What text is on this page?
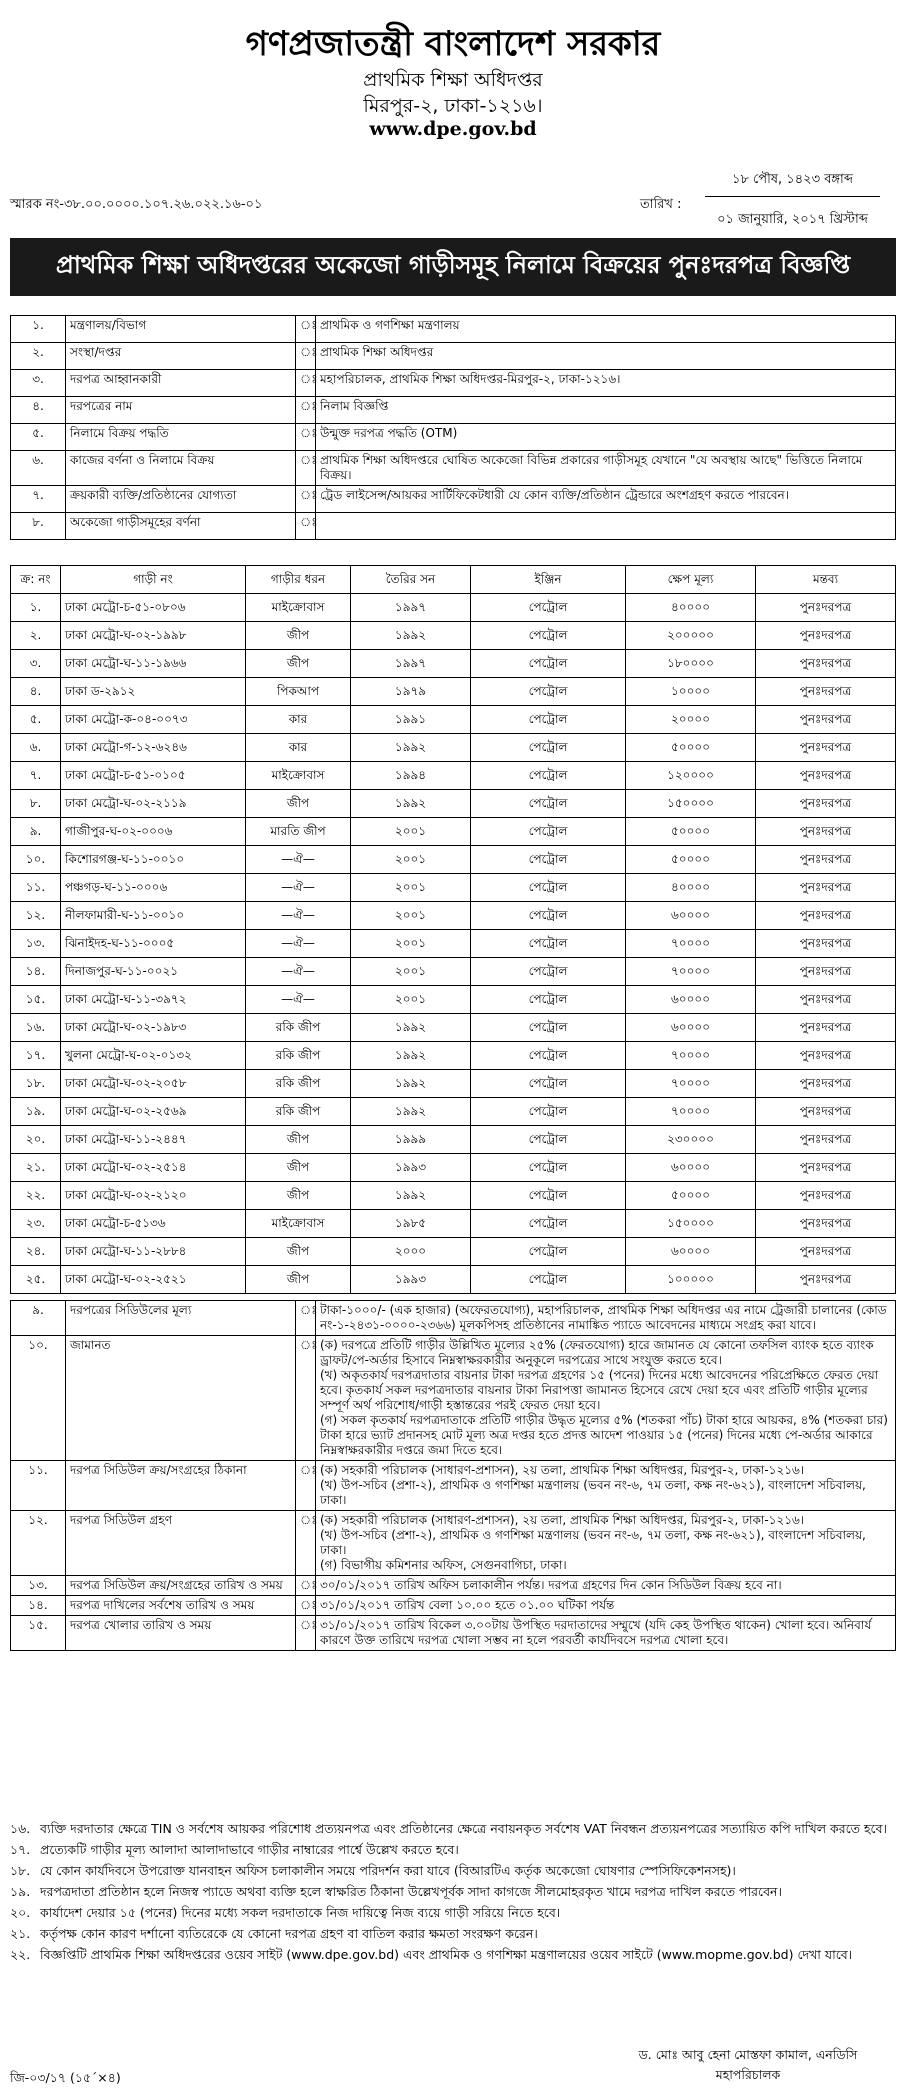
গণপ্রজাতন্ত্রী বাংলাদেশ সরকার
প্রাথমিক শিক্ষা অধিদপ্তর
মিরপুর-২, ঢাকা-১২১৬।
www.dpe.gov.bd
স্মারক নং-৩৮.০০.০০০০.১০৭.২৬.০২২.১৬-০১	তারিখ :
১৮ পৌষ, ১৪২৩ বঙ্গাব্দ
০১ জানুয়ারি, ২০১৭ খ্রিস্টাব্দ
প্রাথমিক শিক্ষা অধিদপ্তরের অকেজো গাড়ীসমূহ নিলামে বিক্রয়ের পুনঃদরপত্র বিজ্ঞপ্তি
১.	মন্ত্রণালয়/বিভাগ	ঃ	প্রাথমিক ও গণশিক্ষা মন্ত্রণালয়
২.	সংস্থা/দপ্তর	ঃ	প্রাথমিক শিক্ষা অধিদপ্তর
৩.	দরপত্র আহ্বানকারী	ঃ	মহাপরিচালক, প্রাথমিক শিক্ষা অধিদপ্তর-মিরপুর-২, ঢাকা-১২১৬।
৪.	দরপত্রের নাম	ঃ	নিলাম বিজ্ঞপ্তি
৫.	নিলামে বিক্রয় পদ্ধতি	ঃ	উন্মুক্ত দরপত্র পদ্ধতি (OTM)
৬.	কাজের বর্ণনা ও নিলামে বিক্রয়	ঃ	প্রাথমিক শিক্ষা অধিদপ্তরে ঘোষিত অকেজো বিভিন্ন প্রকারের গাড়ীসমূহ যেখানে "যে অবস্থায় আছে" ভিত্তিতে নিলামে বিক্রয়।
৭.	ক্রয়কারী ব্যক্তি/প্রতিষ্ঠানের যোগ্যতা	ঃ	ট্রেড লাইসেন্স/আয়কর সার্টিফিকেটধারী যে কোন ব্যক্তি/প্রতিষ্ঠান ট্রেন্ডারে অংশগ্রহণ করতে পারবেন।
৮.	অকেজো গাড়ীসমূহের বর্ণনা	ঃ	
ক্র: নং	গাড়ী নং	গাড়ীর ধরন	তৈরির সন	ইঞ্জিন	ক্ষেপ মূল্য	মন্তব্য
১.	ঢাকা মেট্রো-চ-৫১-০৮০৬	মাইক্রোবাস	১৯৯৭	পেট্রোল	৪০০০০	পুনঃদরপত্র
২.	ঢাকা মেট্রো-ঘ-০২-১৯৯৮	জীপ	১৯৯২	পেট্রোল	২০০০০০	পুনঃদরপত্র
৩.	ঢাকা মেট্রো-ঘ-১১-১৯৬৬	জীপ	১৯৯৭	পেট্রোল	১৮০০০০	পুনঃদরপত্র
৪.	ঢাকা ড-২৯১২	পিকআপ	১৯৭৯	পেট্রোল	১০০০০	পুনঃদরপত্র
৫.	ঢাকা মেট্রো-ক-০৪-০০৭৩	কার	১৯৯১	পেট্রোল	২০০০০	পুনঃদরপত্র
৬.	ঢাকা মেট্রো-গ-১২-৬২৪৬	কার	১৯৯২	পেট্রোল	৫০০০০	পুনঃদরপত্র
৭.	ঢাকা মেট্রো-চ-৫১-০১০৫	মাইক্রোবাস	১৯৯৪	পেট্রোল	১২০০০০	পুনঃদরপত্র
৮.	ঢাকা মেট্রো-ঘ-০২-২১১৯	জীপ	১৯৯২	পেট্রোল	১৫০০০০	পুনঃদরপত্র
৯.	গাজীপুর-ঘ-০২-০০০৬	মারতি জীপ	২০০১	পেট্রোল	৫০০০০	পুনঃদরপত্র
১০.	কিশোরগঞ্জ-ঘ-১১-০০১০	—ঐ—	২০০১	পেট্রোল	৫০০০০	পুনঃদরপত্র
১১.	পঞ্চগড়-ঘ-১১-০০০৬	—ঐ—	২০০১	পেট্রোল	৪০০০০	পুনঃদরপত্র
১২.	নীলফামারী-ঘ-১১-০০১০	—ঐ—	২০০১	পেট্রোল	৬০০০০	পুনঃদরপত্র
১৩.	ঝিনাইদহ-ঘ-১১-০০০৫	—ঐ—	২০০১	পেট্রোল	৭০০০০	পুনঃদরপত্র
১৪.	দিনাজপুর-ঘ-১১-০০২১	—ঐ—	২০০১	পেট্রোল	৭০০০০	পুনঃদরপত্র
১৫.	ঢাকা মেট্রো-ঘ-১১-৩৯৭২	—ঐ—	২০০১	পেট্রোল	৬০০০০	পুনঃদরপত্র
১৬.	ঢাকা মেট্রো-ঘ-০২-১৯৮৩	রকি জীপ	১৯৯২	পেট্রোল	৬০০০০	পুনঃদরপত্র
১৭.	খুলনা মেট্রো-ঘ-০২-০১৩২	রকি জীপ	১৯৯২	পেট্রোল	৭০০০০	পুনঃদরপত্র
১৮.	ঢাকা মেট্রো-ঘ-০২-২০৫৮	রকি জীপ	১৯৯২	পেট্রোল	৭০০০০	পুনঃদরপত্র
১৯.	ঢাকা মেট্রো-ঘ-০২-২৫৬৯	রকি জীপ	১৯৯২	পেট্রোল	৭০০০০	পুনঃদরপত্র
২০.	ঢাকা মেট্রো-ঘ-১১-২৪৪৭	জীপ	১৯৯৯	পেট্রোল	২৩০০০০	পুনঃদরপত্র
২১.	ঢাকা মেট্রো-ঘ-০২-২৫১৪	জীপ	১৯৯৩	পেট্রোল	৬০০০০	পুনঃদরপত্র
২২.	ঢাকা মেট্রো-ঘ-০২-২১২০	জীপ	১৯৯২	পেট্রোল	৫০০০০	পুনঃদরপত্র
২৩.	ঢাকা মেট্রো-চ-৫১৩৬	মাইক্রোবাস	১৯৮৫	পেট্রোল	১৫০০০০	পুনঃদরপত্র
২৪.	ঢাকা মেট্রো-ঘ-১১-২৮৮৪	জীপ	২০০০	পেট্রোল	৬০০০০	পুনঃদরপত্র
২৫.	ঢাকা মেট্রো-ঘ-০২-২৫২১	জীপ	১৯৯৩	পেট্রোল	১০০০০০	পুনঃদরপত্র
৯.	দরপত্রের সিডিউলের মূল্য	ঃ	টাকা-১০০০/- (এক হাজার) (অফেরতযোগ্য), মহাপরিচালক, প্রাথমিক শিক্ষা অধিদপ্তর এর নামে ট্রেজারী চালানের (কোড নং-১-২৪৩১-০০০০-২৩৬৬) মূলকপিসহ প্রতিষ্ঠানের নামাঙ্কিত প্যাডে আবেদনের মাধ্যমে সংগ্রহ করা যাবে।

১০.	জামানত	ঃ	(ক) দরপত্রে প্রতিটি গাড়ীর উল্লিখিত মূল্যের ২৫% (ফেরতযোগ্য) হারে জামানত যে কোনো তফসিল ব্যাংক হতে ব্যাংক ড্রাফট/পে-অর্ডার হিসাবে নিম্নস্বাক্ষরকারীর অনুকূলে দরপত্রের সাথে সংযুক্ত করতে হবে।
(খ) অকৃতকার্য দরপত্রদাতার বায়নার টাকা দরপত্র গ্রহণের ১৫ (পনের) দিনের মধ্যে আবেদনের পরিপ্রেক্ষিতে ফেরত দেয়া হবে। কৃতকার্য সকল দরপত্রদাতার বায়নার টাকা নিরাপত্তা জামানত হিসেবে রেখে দেয়া হবে এবং প্রতিটি গাড়ীর মূল্যের সম্পূর্ণ অর্থ পরিশোধ/গাড়ী হস্তান্তরের পরই ফেরত দেয়া হবে।
(গ) সকল কৃতকার্য দরপত্রদাতাকে প্রতিটি গাড়ীর উদ্ধৃত মূল্যের ৫% (শতকরা পাঁচ) টাকা হারে আয়কর, ৪% (শতকরা চার) টাকা হারে ভ্যাট প্রদানসহ মোট মূল্য অত্র দপ্তর হতে প্রদত্ত আদেশ পাওয়ার ১৫ (পনের) দিনের মধ্যে পে-অর্ডার আকারে নিম্নস্বাক্ষরকারীর দপ্তরে জমা দিতে হবে।

১১.	দরপত্র সিডিউল ক্রয়/সংগ্রহের ঠিকানা	ঃ	(ক) সহকারী পরিচালক (সাধারণ-প্রশাসন), ২য় তলা, প্রাথমিক শিক্ষা অধিদপ্তর, মিরপুর-২, ঢাকা-১২১৬।
(খ) উপ-সচিব (প্রশা-২), প্রাথমিক ও গণশিক্ষা মন্ত্রণালয় (ভবন নং-৬, ৭ম তলা, কক্ষ নং-৬২১), বাংলাদেশ সচিবালয়, ঢাকা।

১২.	দরপত্র সিডিউল গ্রহণ	ঃ	(ক) সহকারী পরিচালক (সাধারণ-প্রশাসন), ২য় তলা, প্রাথমিক শিক্ষা অধিদপ্তর, মিরপুর-২, ঢাকা-১২১৬।
(খ) উপ-সচিব (প্রশা-২), প্রাথমিক ও গণশিক্ষা মন্ত্রণালয় (ভবন নং-৬, ৭ম তলা, কক্ষ নং-৬২১), বাংলাদেশ সচিবালয়, ঢাকা।
(গ) বিভাগীয় কমিশনার অফিস, সেগুনবাগিচা, ঢাকা।

১৩.	দরপত্র সিডিউল ক্রয়/সংগ্রহের তারিখ ও সময়	ঃ	৩০/০১/২০১৭ তারিখ অফিস চলাকালীন পর্যন্ত। দরপত্র গ্রহণের দিন কোন সিডিউল বিক্রয় হবে না।

১৪.	দরপত্র দাখিলের সর্বশেষ তারিখ ও সময়	ঃ	৩১/০১/২০১৭ তারিখ বেলা ১০.০০ হতে ০১.০০ ঘটিকা পর্যন্ত

১৫.	দরপত্র খোলার তারিখ ও সময়	ঃ	৩১/০১/২০১৭ তারিখ বিকেল ৩.০০টায় উপস্থিত দরদাতাদের সম্মুখে (যদি কেহ উপস্থিত থাকেন) খোলা হবে। অনিবার্য কারণে উক্ত তারিখে দরপত্র খোলা সম্ভব না হলে পরবর্তী কার্যদিবসে দরপত্র খোলা হবে।
১৬. ব্যক্তি দরদাতার ক্ষেত্রে TIN ও সর্বশেষ আয়কর পরিশোধ প্রত্যয়নপত্র এবং প্রতিষ্ঠানের ক্ষেত্রে নবায়নকৃত সর্বশেষ VAT নিবন্ধন প্রত্যয়নপত্রের সত্যায়িত কপি দাখিল করতে হবে।
১৭. প্রত্যেকটি গাড়ীর মূল্য আলাদা আলাদাভাবে গাড়ীর নাম্বারের পার্শ্বে উল্লেখ করতে হবে।
১৮. যে কোন কার্যদিবসে উপরোক্ত যানবাহন অফিস চলাকালীন সময়ে পরিদর্শন করা যাবে (বিআরটিএ কর্তৃক অকেজো ঘোষণার স্পেসিফিকেশনসহ)।
১৯. দরপত্রদাতা প্রতিষ্ঠান হলে নিজস্ব প্যাডে অথবা ব্যক্তি হলে স্বাক্ষরিত ঠিকানা উল্লেখপূর্বক সাদা কাগজে সীলমোহরকৃত খামে দরপত্র দাখিল করতে পারবেন।
২০. কার্যাদেশ দেয়ার ১৫ (পনের) দিনের মধ্যে সকল দরদাতাকে নিজ দায়িত্বে নিজ ব্যয়ে গাড়ী সরিয়ে নিতে হবে।
২১. কর্তৃপক্ষ কোন কারণ দর্শানো ব্যতিরেকে যে কোনো দরপত্র গ্রহণ বা বাতিল করার ক্ষমতা সংরক্ষণ করেন।
২২. বিজ্ঞপ্তিটি প্রাথমিক শিক্ষা অধিদপ্তরের ওয়েব সাইট (www.dpe.gov.bd) এবং প্রাথমিক ও গণশিক্ষা মন্ত্রণালয়ের ওয়েব সাইটে (www.mopme.gov.bd) দেখা যাবে।
ড. মোঃ আবু হেনা মোস্তফা কামাল, এনডিসি
মহাপরিচালক
জি-০৩/১৭ (১৫´×৪)
